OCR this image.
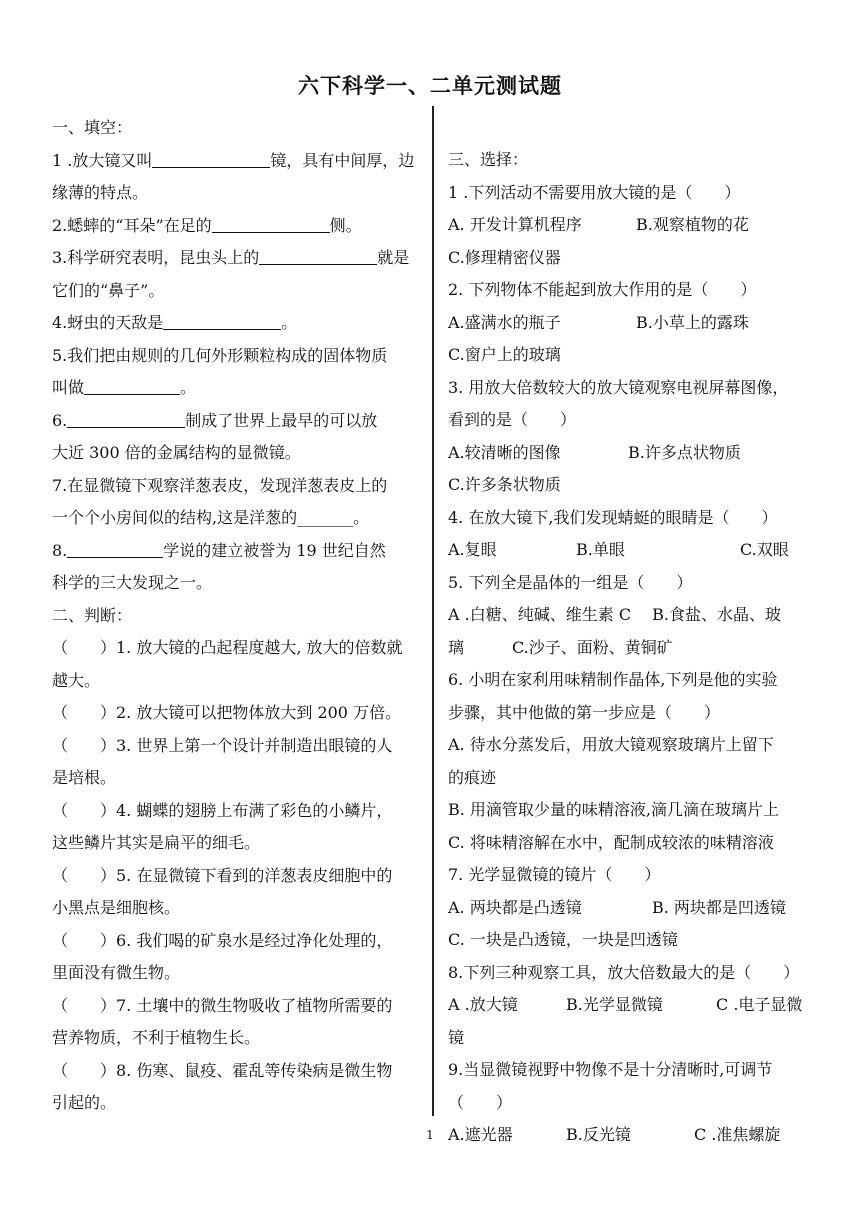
六下科学一、二单元测试题
一、填空：
1 .放大镜又叫	镜，具有中间厚，边
缘薄的特点。
2.蟋蟀的“耳朵”在足的	侧。
3.科学研究表明，昆虫头上的	就是
它们的“鼻子”。
4.蚜虫的天敌是	。
5.我们把由规则的几何外形颗粒构成的固体物质
叫做	。
6.	制成了世界上最早的可以放
大近 300 倍的金属结构的显微镜。
7.在显微镜下观察洋葱表皮，发现洋葱表皮上的
一个个小房间似的结构,这是洋葱的_______。
8.	学说的建立被誉为 19 世纪自然
科学的三大发现之一。
二、判断：
（　　）1. 放大镜的凸起程度越大, 放大的倍数就
越大。
（　　）2. 放大镜可以把物体放大到 200 万倍。
（　　）3. 世界上第一个设计并制造出眼镜的人
是培根。
（　　）4. 蝴蝶的翅膀上布满了彩色的小鳞片，
这些鳞片其实是扁平的细毛。
（　　）5. 在显微镜下看到的洋葱表皮细胞中的
小黑点是细胞核。
（　　）6. 我们喝的矿泉水是经过净化处理的，
里面没有微生物。
（　　）7. 土壤中的微生物吸收了植物所需要的
营养物质，不利于植物生长。
（　　）8. 伤寒、鼠疫、霍乱等传染病是微生物
引起的。
三、选择：
1 .下列活动不需要用放大镜的是（　　）
A. 开发计算机程序	B.观察植物的花
C.修理精密仪器
2. 下列物体不能起到放大作用的是（　　）
A.盛满水的瓶子	B.小草上的露珠
C.窗户上的玻璃
3. 用放大倍数较大的放大镜观察电视屏幕图像，
看到的是（　　）
A.较清晰的图像	B.许多点状物质
C.许多条状物质
4. 在放大镜下,我们发现蜻蜓的眼睛是（　　）
A.复眼	B.单眼	C.双眼
5. 下列全是晶体的一组是（　　）
A .白糖、纯碱、维生素 C　 B.食盐、水晶、玻
璃　　　C.沙子、面粉、黄铜矿
6. 小明在家利用味精制作晶体,下列是他的实验
步骤，其中他做的第一步应是（　　）
A. 待水分蒸发后，用放大镜观察玻璃片上留下
的痕迹
B. 用滴管取少量的味精溶液,滴几滴在玻璃片上
C. 将味精溶解在水中，配制成较浓的味精溶液
7. 光学显微镜的镜片（　　）
A. 两块都是凸透镜	B. 两块都是凹透镜
C. 一块是凸透镜，一块是凹透镜
8.下列三种观察工具，放大倍数最大的是（　　）
A .放大镜	B.光学显微镜	C .电子显微
镜
9.当显微镜视野中物像不是十分清晰时,可调节
（　　）
A.遮光器	B.反光镜	C .准焦螺旋
1
